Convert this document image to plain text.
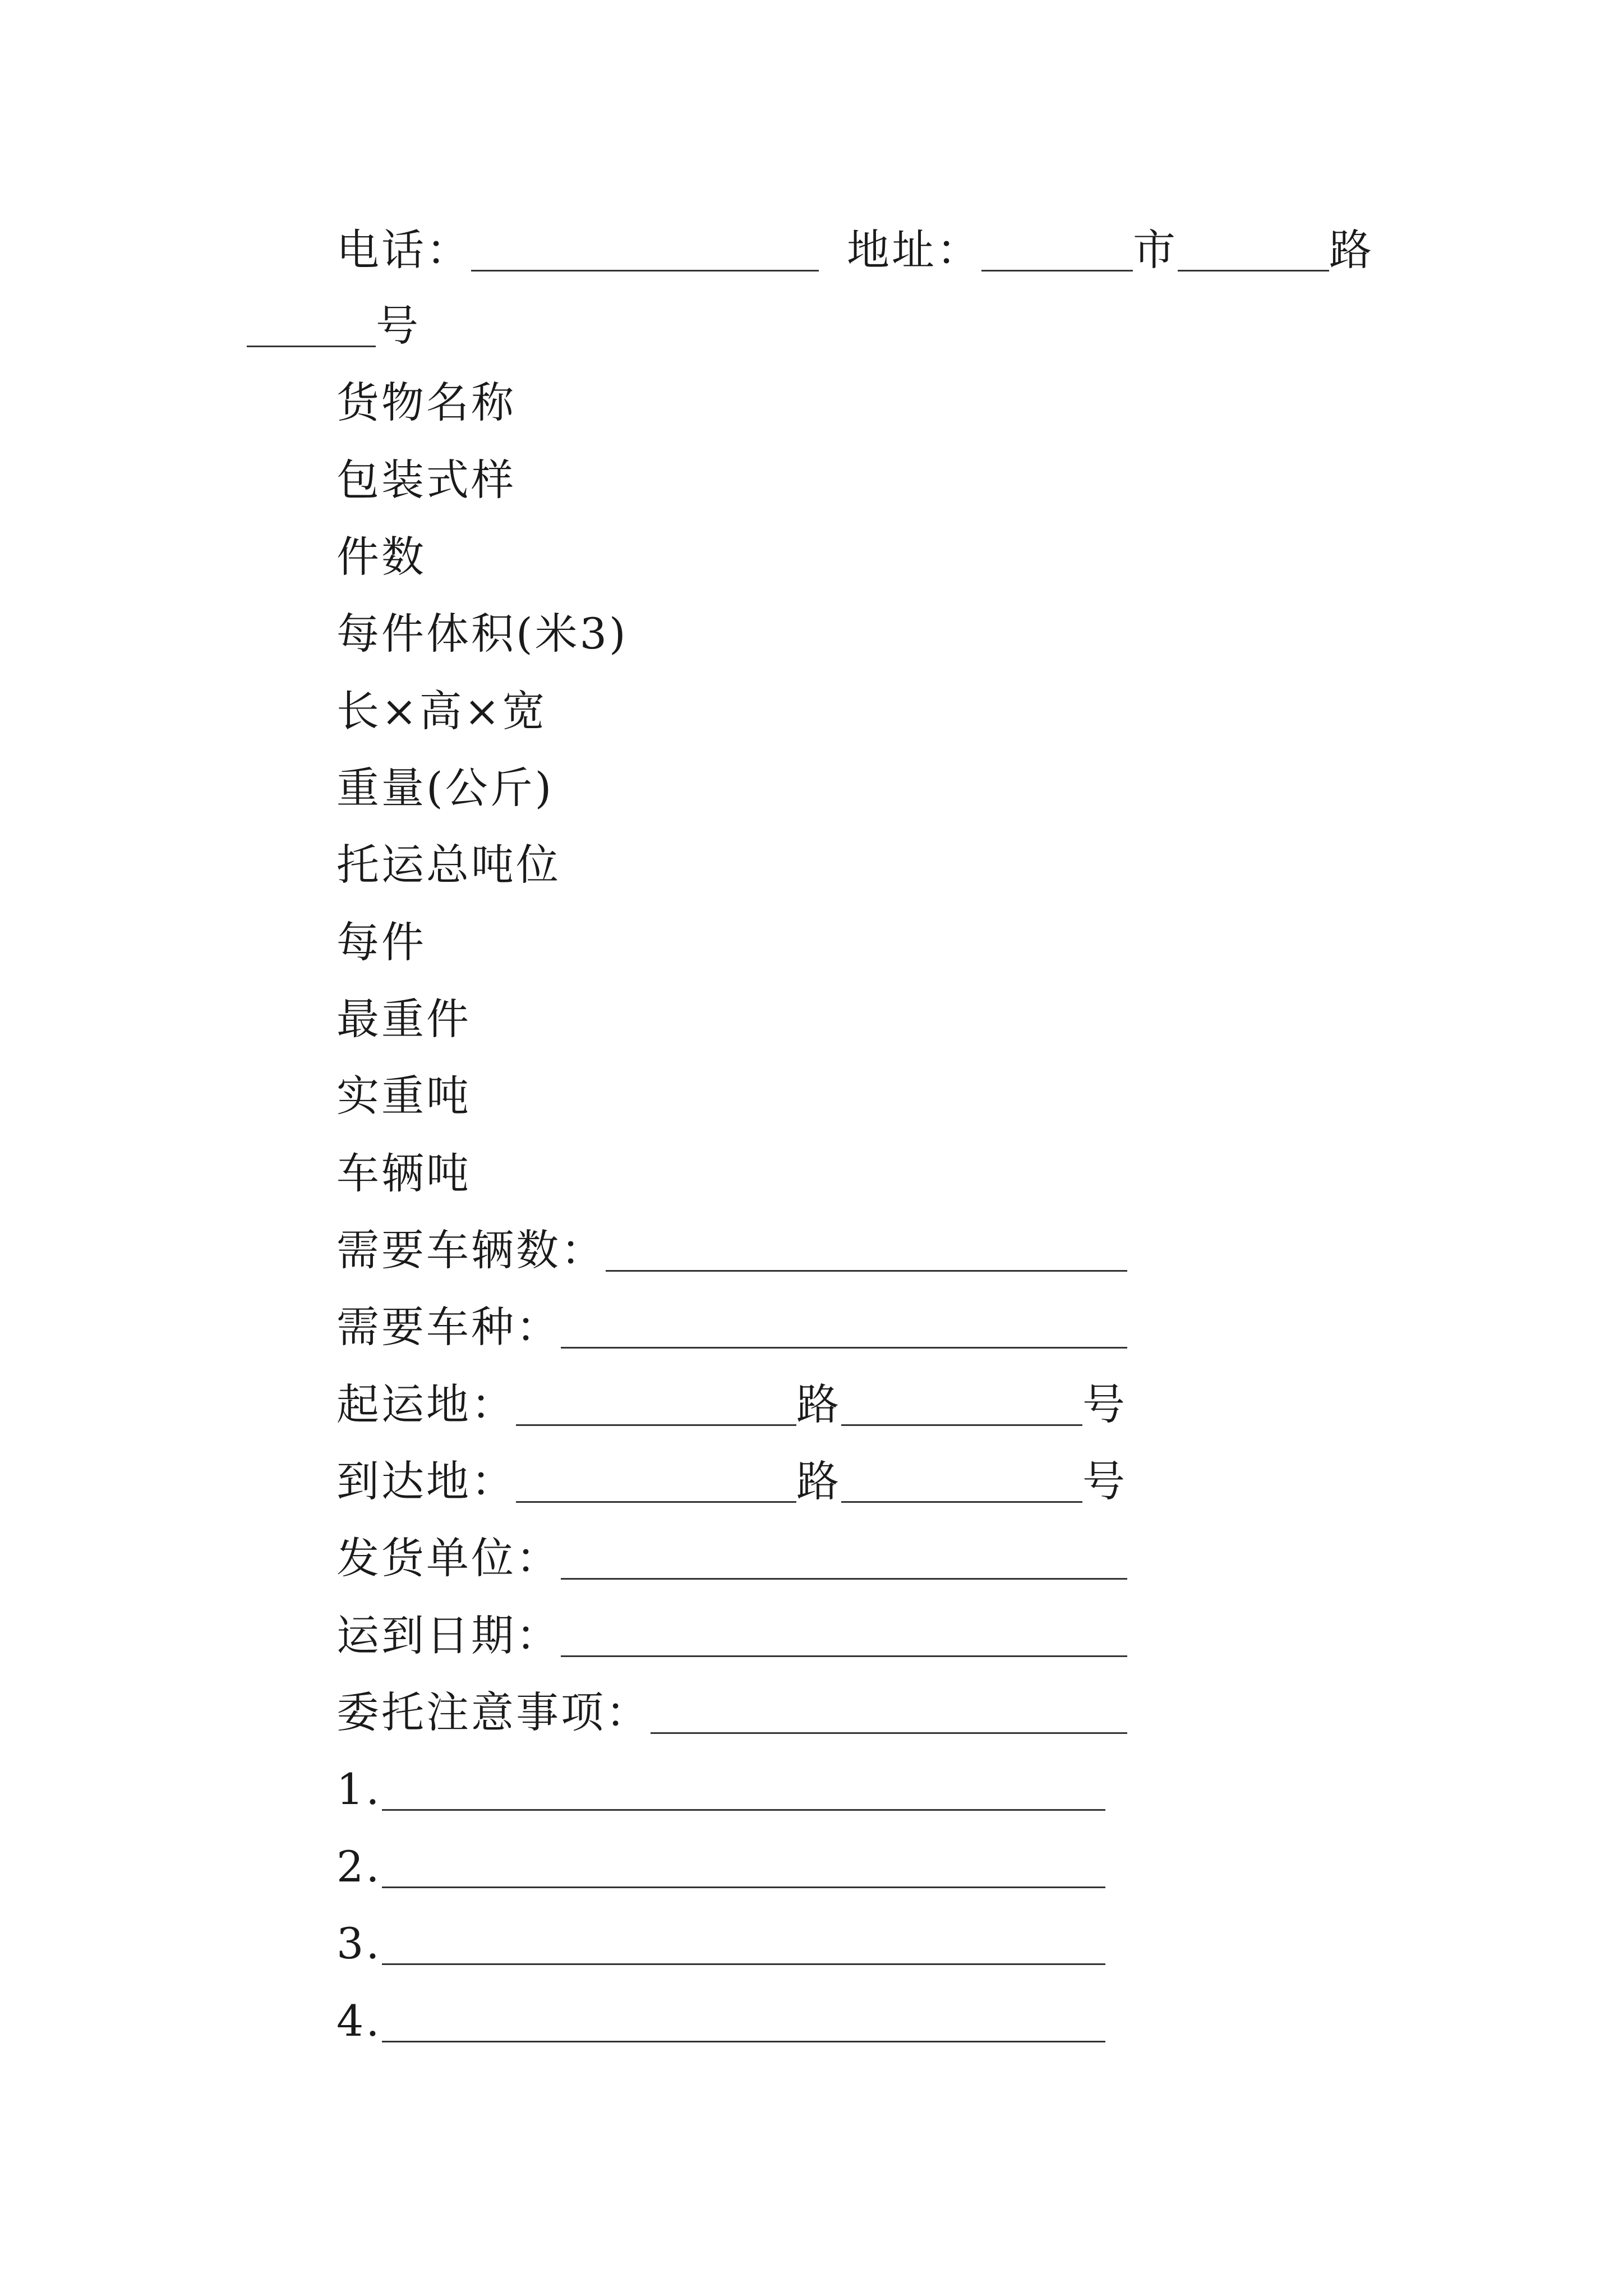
电话：	地址：	市	路
号
货物名称
包装式样
件数
每件体积(米3)
长×高×宽
重量(公斤)
托运总吨位
每件
最重件
实重吨
车辆吨
需要车辆数：
需要车种：
起运地：	路	号
到达地：	路	号
发货单位：
运到日期：
委托注意事项：
1.
2.
3.
4.
